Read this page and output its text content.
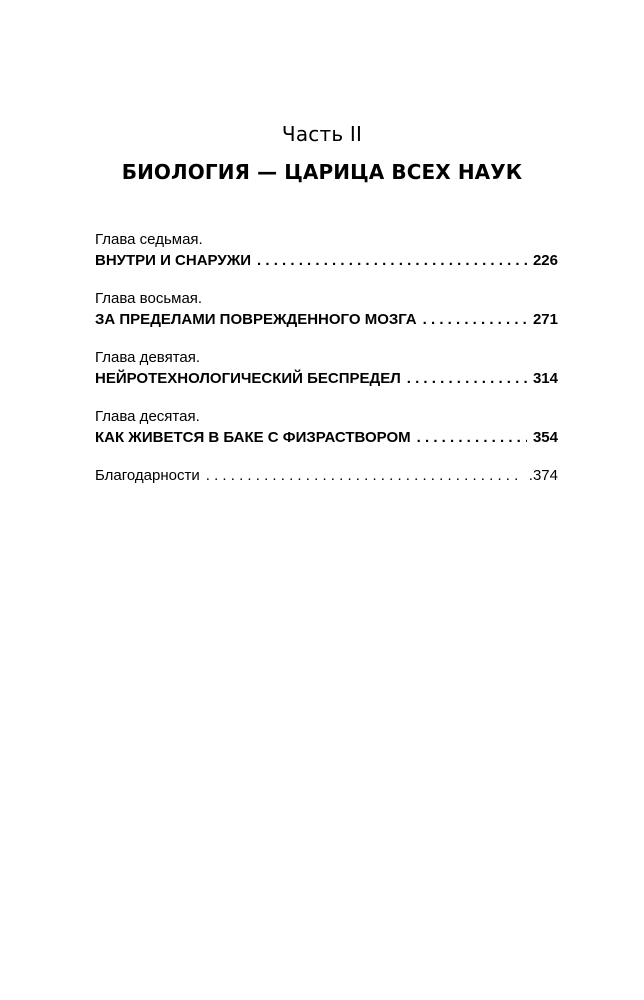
Часть II
БИОЛОГИЯ — ЦАРИЦА ВСЕХ НАУК
Глава седьмая.
ВНУТРИ И СНАРУЖИ . . .	226
Глава восьмая.
ЗА ПРЕДЕЛАМИ ПОВРЕЖДЕННОГО МОЗГА . . .	271
Глава девятая.
НЕЙРОТЕХНОЛОГИЧЕСКИЙ БЕСПРЕДЕЛ . . .	314
Глава десятая.
КАК ЖИВЕТСЯ В БАКЕ С ФИЗРАСТВОРОМ . . .	354
Благодарности . . .	.374
